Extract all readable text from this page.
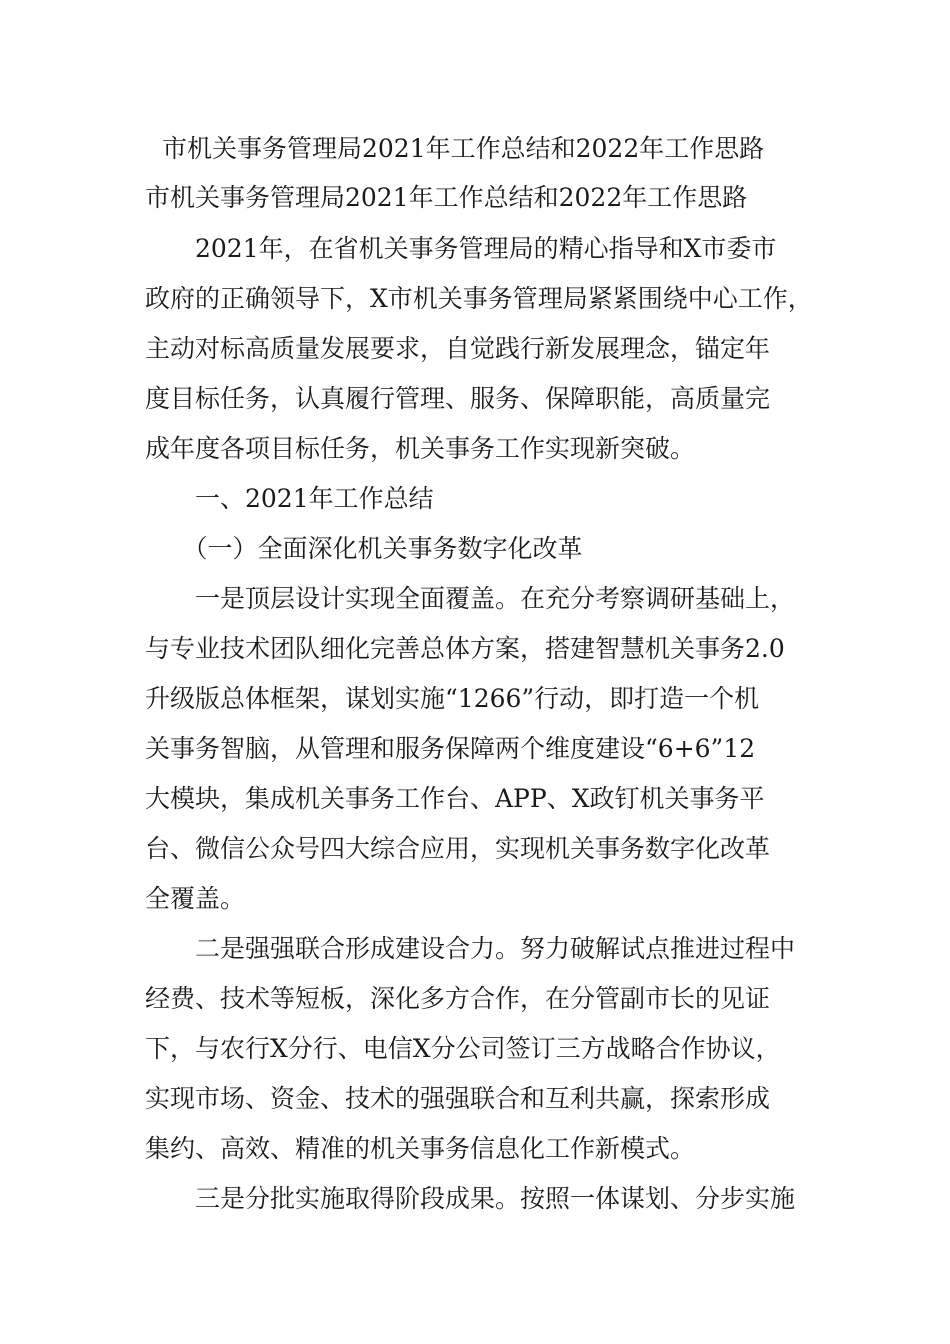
市机关事务管理局2021年工作总结和2022年工作思路
市机关事务管理局2021年工作总结和2022年工作思路
　　2021年，在省机关事务管理局的精心指导和X市委市
政府的正确领导下，X市机关事务管理局紧紧围绕中心工作，
主动对标高质量发展要求，自觉践行新发展理念，锚定年
度目标任务，认真履行管理、服务、保障职能，高质量完
成年度各项目标任务，机关事务工作实现新突破。
　　一、2021年工作总结
　　（一）全面深化机关事务数字化改革
　　一是顶层设计实现全面覆盖。在充分考察调研基础上，
与专业技术团队细化完善总体方案，搭建智慧机关事务2.0
升级版总体框架，谋划实施“1266”行动，即打造一个机
关事务智脑，从管理和服务保障两个维度建设“6+6”12
大模块，集成机关事务工作台、APP、X政钉机关事务平
台、微信公众号四大综合应用，实现机关事务数字化改革
全覆盖。
　　二是强强联合形成建设合力。努力破解试点推进过程中
经费、技术等短板，深化多方合作，在分管副市长的见证
下，与农行X分行、电信X分公司签订三方战略合作协议，
实现市场、资金、技术的强强联合和互利共赢，探索形成
集约、高效、精准的机关事务信息化工作新模式。
　　三是分批实施取得阶段成果。按照一体谋划、分步实施
